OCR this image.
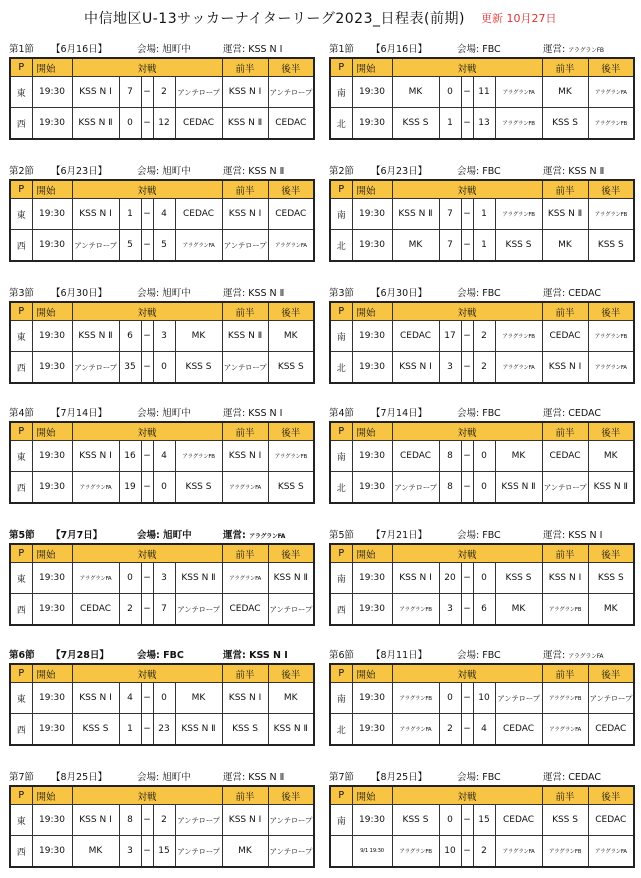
中信地区U-13サッカーナイターリーグ2023_日程表(前期) 更新 10月27日
第1節 【6月16日】	会場: 旭町中	運営: KSS N Ⅰ
P	開始	対戦					前半	後半
東	19:30	KSS N Ⅰ	7	−	2	アンテロープ	KSS N Ⅰ	アンテロープ
西	19:30	KSS N Ⅱ	0	−	12	CEDAC	KSS N Ⅱ	CEDAC
第1節 【6月16日】	会場: FBC	運営: アラグランFB
P	開始	対戦					前半	後半
南	19:30	MK	0	−	11	アラグランFA	MK	アラグランFA
北	19:30	KSS S	1	−	13	アラグランFB	KSS S	アラグランFB
第2節 【6月23日】	会場: 旭町中	運営: KSS N Ⅱ
P	開始	対戦					前半	後半
東	19:30	KSS N Ⅰ	1	−	4	CEDAC	KSS N Ⅰ	CEDAC
西	19:30	アンテロープ	5	−	5	アラグランFA	アンテロープ	アラグランFA
第2節 【6月23日】	会場: FBC	運営: KSS N Ⅱ
P	開始	対戦					前半	後半
南	19:30	KSS N Ⅱ	7	−	1	アラグランFB	KSS N Ⅱ	アラグランFB
北	19:30	MK	7	−	1	KSS S	MK	KSS S
第3節 【6月30日】	会場: 旭町中	運営: KSS N Ⅱ
P	開始	対戦					前半	後半
東	19:30	KSS N Ⅱ	6	−	3	MK	KSS N Ⅱ	MK
西	19:30	アンテロープ	35	−	0	KSS S	アンテロープ	KSS S
第3節 【6月30日】	会場: FBC	運営: CEDAC
P	開始	対戦					前半	後半
南	19:30	CEDAC	17	−	2	アラグランFB	CEDAC	アラグランFB
北	19:30	KSS N Ⅰ	3	−	2	アラグランFA	KSS N Ⅰ	アラグランFA
第4節 【7月14日】	会場: 旭町中	運営: KSS N Ⅰ
P	開始	対戦					前半	後半
東	19:30	KSS N Ⅰ	16	−	4	アラグランFB	KSS N Ⅰ	アラグランFB
西	19:30	アラグランFA	19	−	0	KSS S	アラグランFA	KSS S
第4節 【7月14日】	会場: FBC	運営: CEDAC
P	開始	対戦					前半	後半
南	19:30	CEDAC	8	−	0	MK	CEDAC	MK
北	19:30	アンテロープ	8	−	0	KSS N Ⅱ	アンテロープ	KSS N Ⅱ
第5節 【7月7日】	会場: 旭町中	運営: アラグランFA
P	開始	対戦					前半	後半
東	19:30	アラグランFA	0	−	3	KSS N Ⅱ	アラグランFA	KSS N Ⅱ
西	19:30	CEDAC	2	−	7	アンテロープ	CEDAC	アンテロープ
第5節 【7月21日】	会場: FBC	運営: KSS N Ⅰ
P	開始	対戦					前半	後半
南	19:30	KSS N Ⅰ	20	−	0	KSS S	KSS N Ⅰ	KSS S
西	19:30	アラグランFB	3	−	6	MK	アラグランFB	MK
第6節 【7月28日】	会場: FBC	運営: KSS N Ⅰ
P	開始	対戦					前半	後半
東	19:30	KSS N Ⅰ	4	−	0	MK	KSS N Ⅰ	MK
西	19:30	KSS S	1	−	23	KSS N Ⅱ	KSS S	KSS N Ⅱ
第6節 【8月11日】	会場: FBC	運営: アラグランFA
P	開始	対戦					前半	後半
南	19:30	アラグランFB	0	−	10	アンテロープ	アラグランFB	アンテロープ
北	19:30	アラグランFA	2	−	4	CEDAC	アラグランFA	CEDAC
第7節 【8月25日】	会場: 旭町中	運営: KSS N Ⅱ
P	開始	対戦					前半	後半
東	19:30	KSS N Ⅰ	8	−	2	アンテロープ	KSS N Ⅰ	アンテロープ
西	19:30	MK	3	−	15	アンテロープ	MK	アンテロープ
第7節 【8月25日】	会場: FBC	運営: CEDAC
P	開始	対戦					前半	後半
南	19:30	KSS S	0	−	15	CEDAC	KSS S	CEDAC
	9/1 19:30	アラグランFB	10	−	2	アラグランFA	アラグランFB	アラグランFA
